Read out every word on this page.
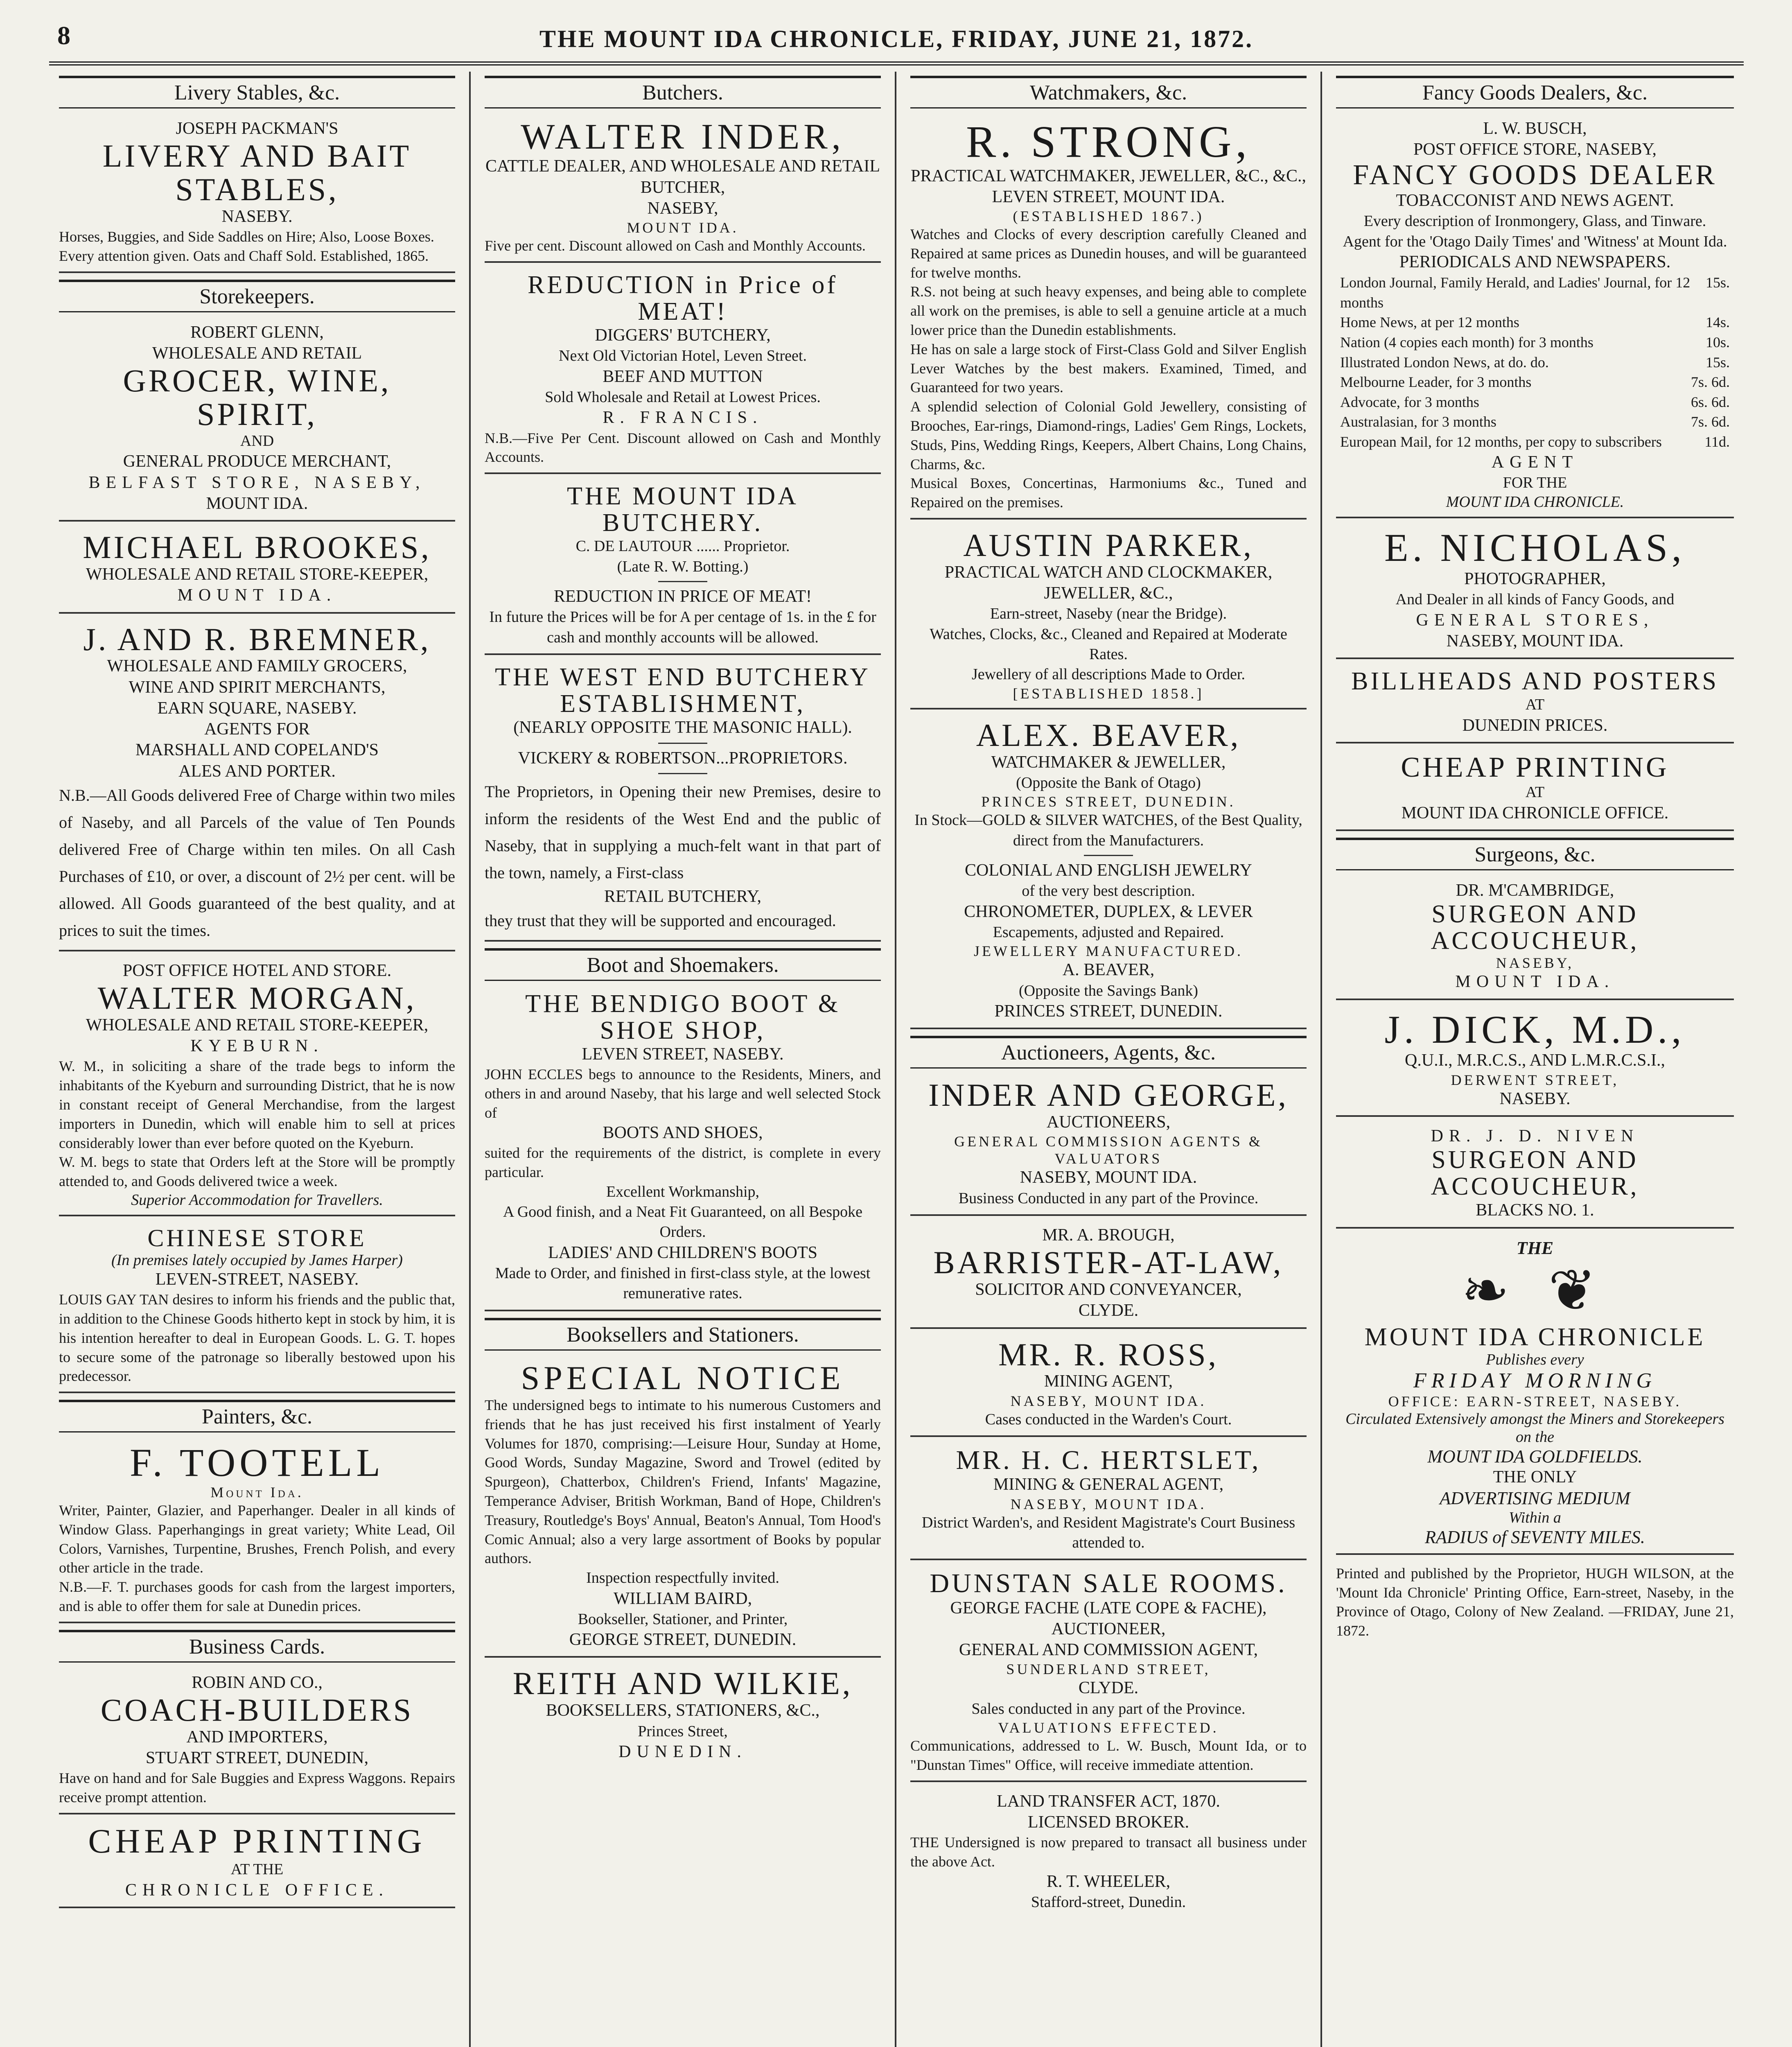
8	THE MOUNT IDA CHRONICLE, FRIDAY, JUNE 21, 1872.
Livery Stables, &c.

JOSEPH PACKMAN'S

LIVERY AND BAIT STABLES,

NASEBY.

Horses, Buggies, and Side Saddles on Hire; Also, Loose Boxes.

Every attention given. Oats and Chaff Sold. Established, 1865.

Storekeepers.

ROBERT GLENN,

WHOLESALE AND RETAIL

GROCER, WINE, SPIRIT,

AND

GENERAL PRODUCE MERCHANT,

BELFAST STORE, NASEBY,

MOUNT IDA.

MICHAEL BROOKES,

WHOLESALE AND RETAIL STORE-KEEPER,

MOUNT IDA.

J. AND R. BREMNER,

WHOLESALE AND FAMILY GROCERS,

WINE AND SPIRIT MERCHANTS,

EARN SQUARE, NASEBY.

AGENTS FOR

MARSHALL AND COPELAND'S

ALES AND PORTER.

N.B.—All Goods delivered Free of Charge within two miles of Naseby, and all Parcels of the value of Ten Pounds delivered Free of Charge within ten miles. On all Cash Purchases of £10, or over, a discount of 2½ per cent. will be allowed. All Goods guaranteed of the best quality, and at prices to suit the times.

POST OFFICE HOTEL AND STORE.

WALTER MORGAN,

WHOLESALE AND RETAIL STORE-KEEPER,

KYEBURN.

W. M., in soliciting a share of the trade begs to inform the inhabitants of the Kyeburn and surrounding District, that he is now in constant receipt of General Merchandise, from the largest importers in Dunedin, which will enable him to sell at prices considerably lower than ever before quoted on the Kyeburn.

W. M. begs to state that Orders left at the Store will be promptly attended to, and Goods delivered twice a week.

Superior Accommodation for Travellers.

CHINESE STORE

(In premises lately occupied by James Harper)

LEVEN-STREET, NASEBY.

LOUIS GAY TAN desires to inform his friends and the public that, in addition to the Chinese Goods hitherto kept in stock by him, it is his intention hereafter to deal in European Goods. L. G. T. hopes to secure some of the patronage so liberally bestowed upon his predecessor.

Painters, &c.

F. TOOTELL

Mount Ida.

Writer, Painter, Glazier, and Paperhanger. Dealer in all kinds of Window Glass. Paperhangings in great variety; White Lead, Oil Colors, Varnishes, Turpentine, Brushes, French Polish, and every other article in the trade.

N.B.—F. T. purchases goods for cash from the largest importers, and is able to offer them for sale at Dunedin prices.

Business Cards.

ROBIN AND CO.,

COACH-BUILDERS

AND IMPORTERS,

STUART STREET, DUNEDIN,

Have on hand and for Sale Buggies and Express Waggons. Repairs receive prompt attention.

CHEAP PRINTING

AT THE

CHRONICLE OFFICE.

Butchers.

WALTER INDER,

CATTLE DEALER, AND WHOLESALE AND RETAIL BUTCHER,

NASEBY,

MOUNT IDA.

Five per cent. Discount allowed on Cash and Monthly Accounts.

REDUCTION in Price of MEAT!

DIGGERS' BUTCHERY,

Next Old Victorian Hotel, Leven Street.

BEEF AND MUTTON

Sold Wholesale and Retail at Lowest Prices.

R. FRANCIS.

N.B.—Five Per Cent. Discount allowed on Cash and Monthly Accounts.

THE MOUNT IDA BUTCHERY.

C. DE LAUTOUR ...... Proprietor.

(Late R. W. Botting.)

REDUCTION IN PRICE OF MEAT!

In future the Prices will be for A per centage of 1s. in the £ for cash and monthly accounts will be allowed.

THE WEST END BUTCHERY ESTABLISHMENT,

(NEARLY OPPOSITE THE MASONIC HALL).

VICKERY & ROBERTSON...PROPRIETORS.

The Proprietors, in Opening their new Premises, desire to inform the residents of the West End and the public of Naseby, that in supplying a much-felt want in that part of the town, namely, a First-class

RETAIL BUTCHERY,

they trust that they will be supported and encouraged.

Boot and Shoemakers.

THE BENDIGO BOOT & SHOE SHOP,

LEVEN STREET, NASEBY.

JOHN ECCLES begs to announce to the Residents, Miners, and others in and around Naseby, that his large and well selected Stock of

BOOTS AND SHOES,

suited for the requirements of the district, is complete in every particular.

Excellent Workmanship,

A Good finish, and a Neat Fit Guaranteed, on all Bespoke Orders.

LADIES' AND CHILDREN'S BOOTS

Made to Order, and finished in first-class style, at the lowest remunerative rates.

Booksellers and Stationers.

SPECIAL NOTICE

The undersigned begs to intimate to his numerous Customers and friends that he has just received his first instalment of Yearly Volumes for 1870, comprising:—Leisure Hour, Sunday at Home, Good Words, Sunday Magazine, Sword and Trowel (edited by Spurgeon), Chatterbox, Children's Friend, Infants' Magazine, Temperance Adviser, British Workman, Band of Hope, Children's Treasury, Routledge's Boys' Annual, Beaton's Annual, Tom Hood's Comic Annual; also a very large assortment of Books by popular authors.

Inspection respectfully invited.

WILLIAM BAIRD,

Bookseller, Stationer, and Printer,

GEORGE STREET, DUNEDIN.

REITH AND WILKIE,

BOOKSELLERS, STATIONERS, &C.,

Princes Street,

DUNEDIN.

Watchmakers, &c.

R. STRONG,

PRACTICAL WATCHMAKER, JEWELLER, &C., &C.,

LEVEN STREET, MOUNT IDA.

(ESTABLISHED 1867.)

Watches and Clocks of every description carefully Cleaned and Repaired at same prices as Dunedin houses, and will be guaranteed for twelve months.

R.S. not being at such heavy expenses, and being able to complete all work on the premises, is able to sell a genuine article at a much lower price than the Dunedin establishments.

He has on sale a large stock of First-Class Gold and Silver English Lever Watches by the best makers. Examined, Timed, and Guaranteed for two years.

A splendid selection of Colonial Gold Jewellery, consisting of Brooches, Ear-rings, Diamond-rings, Ladies' Gem Rings, Lockets, Studs, Pins, Wedding Rings, Keepers, Albert Chains, Long Chains, Charms, &c.

Musical Boxes, Concertinas, Harmoniums &c., Tuned and Repaired on the premises.

AUSTIN PARKER,

PRACTICAL WATCH AND CLOCKMAKER, JEWELLER, &C.,

Earn-street, Naseby (near the Bridge).

Watches, Clocks, &c., Cleaned and Repaired at Moderate Rates.

Jewellery of all descriptions Made to Order.

[ESTABLISHED 1858.]

ALEX. BEAVER,

WATCHMAKER & JEWELLER,

(Opposite the Bank of Otago)

PRINCES STREET, DUNEDIN.

In Stock—GOLD & SILVER WATCHES, of the Best Quality, direct from the Manufacturers.

COLONIAL AND ENGLISH JEWELRY

of the very best description.

CHRONOMETER, DUPLEX, & LEVER

Escapements, adjusted and Repaired.

JEWELLERY MANUFACTURED.

A. BEAVER,

(Opposite the Savings Bank)

PRINCES STREET, DUNEDIN.

Auctioneers, Agents, &c.

INDER AND GEORGE,

AUCTIONEERS,

GENERAL COMMISSION AGENTS & VALUATORS

NASEBY, MOUNT IDA.

Business Conducted in any part of the Province.

MR. A. BROUGH,

BARRISTER-AT-LAW,

SOLICITOR AND CONVEYANCER,

CLYDE.

MR. R. ROSS,

MINING AGENT,

NASEBY, MOUNT IDA.

Cases conducted in the Warden's Court.

MR. H. C. HERTSLET,

MINING & GENERAL AGENT,

NASEBY, MOUNT IDA.

District Warden's, and Resident Magistrate's Court Business attended to.

DUNSTAN SALE ROOMS.

GEORGE FACHE (LATE COPE & FACHE),

AUCTIONEER,

GENERAL AND COMMISSION AGENT,

SUNDERLAND STREET,

CLYDE.

Sales conducted in any part of the Province.

VALUATIONS EFFECTED.

Communications, addressed to L. W. Busch, Mount Ida, or to "Dunstan Times" Office, will receive immediate attention.

LAND TRANSFER ACT, 1870.

LICENSED BROKER.

THE Undersigned is now prepared to transact all business under the above Act.

R. T. WHEELER,

Stafford-street, Dunedin.

Fancy Goods Dealers, &c.

L. W. BUSCH,

POST OFFICE STORE, NASEBY,

FANCY GOODS DEALER

TOBACCONIST AND NEWS AGENT.

Every description of Ironmongery, Glass, and Tinware.

Agent for the 'Otago Daily Times' and 'Witness' at Mount Ida.

PERIODICALS AND NEWSPAPERS.

London Journal, Family Herald, and Ladies' Journal, for 12 months
15s.
Home News, at per 12 months	14s.
Nation (4 copies each month) for 3 months	10s.
Illustrated London News, at do. do.	15s.
Melbourne Leader, for 3 months	7s. 6d.
Advocate, for 3 months	6s. 6d.
Australasian, for 3 months	7s. 6d.
European Mail, for 12 months, per copy to subscribers	11d.

AGENT

FOR THE

MOUNT IDA CHRONICLE.

E. NICHOLAS,

PHOTOGRAPHER,

And Dealer in all kinds of Fancy Goods, and

GENERAL STORES,

NASEBY, MOUNT IDA.

BILLHEADS AND POSTERS

AT

DUNEDIN PRICES.

CHEAP PRINTING

AT

MOUNT IDA CHRONICLE OFFICE.

Surgeons, &c.

DR. M'CAMBRIDGE,

SURGEON AND ACCOUCHEUR,

NASEBY,

MOUNT IDA.

J. DICK, M.D.,

Q.U.I., M.R.C.S., AND L.M.R.C.S.I.,

DERWENT STREET,

NASEBY.

DR. J. D. NIVEN

SURGEON AND ACCOUCHEUR,

BLACKS NO. 1.

THE

❧ ❦

MOUNT IDA CHRONICLE

Publishes every

FRIDAY MORNING

OFFICE: EARN-STREET, NASEBY.

Circulated Extensively amongst the Miners and Storekeepers on the

MOUNT IDA GOLDFIELDS.

THE ONLY

ADVERTISING MEDIUM

Within a

RADIUS of SEVENTY MILES.

Printed and published by the Proprietor, HUGH WILSON, at the 'Mount Ida Chronicle' Printing Office, Earn-street, Naseby, in the Province of Otago, Colony of New Zealand. —FRIDAY, June 21, 1872.
